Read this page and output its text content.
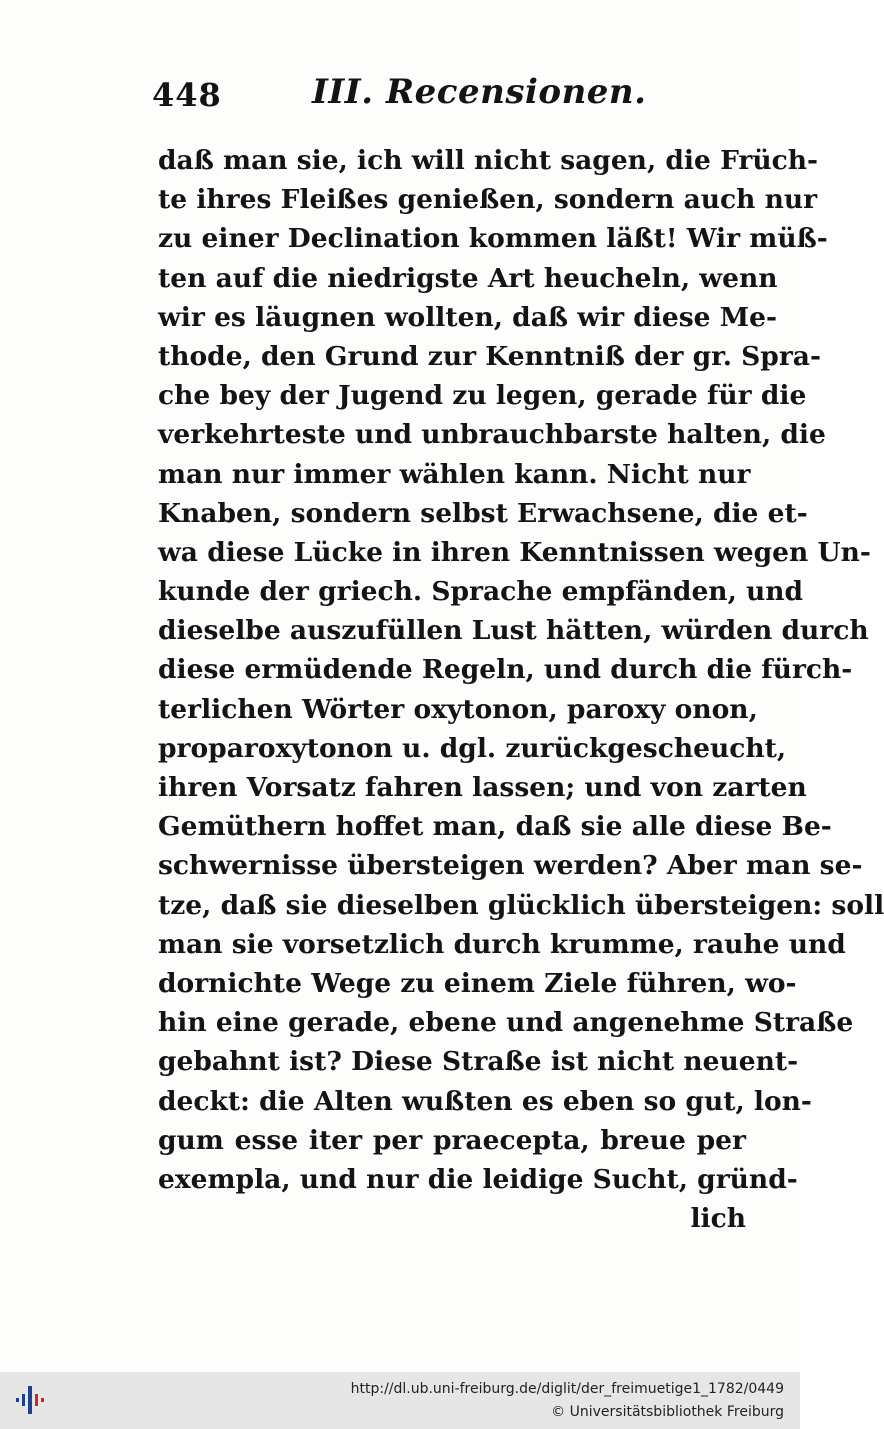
448	III. Recensionen.
daß man sie, ich will nicht sagen, die Früch-
te ihres Fleißes genießen, sondern auch nur
zu einer Declination kommen läßt! Wir müß-
ten auf die niedrigste Art heucheln, wenn
wir es läugnen wollten, daß wir diese Me-
thode, den Grund zur Kenntniß der gr. Spra-
che bey der Jugend zu legen, gerade für die
verkehrteste und unbrauchbarste halten, die
man nur immer wählen kann. Nicht nur
Knaben, sondern selbst Erwachsene, die et-
wa diese Lücke in ihren Kenntnissen wegen Un-
kunde der griech. Sprache empfänden, und
dieselbe auszufüllen Lust hätten, würden durch
diese ermüdende Regeln, und durch die fürch-
terlichen Wörter oxytonon, paroxy onon,
proparoxytonon u. dgl. zurückgescheucht,
ihren Vorsatz fahren lassen; und von zarten
Gemüthern hoffet man, daß sie alle diese Be-
schwernisse übersteigen werden? Aber man se-
tze, daß sie dieselben glücklich übersteigen: soll
man sie vorsetzlich durch krumme, rauhe und
dornichte Wege zu einem Ziele führen, wo-
hin eine gerade, ebene und angenehme Straße
gebahnt ist? Diese Straße ist nicht neuent-
deckt: die Alten wußten es eben so gut, lon-
gum esse iter per praecepta, breue per
exempla, und nur die leidige Sucht, gründ-
lich
http://dl.ub.uni-freiburg.de/diglit/der_freimuetige1_1782/0449
© Universitätsbibliothek Freiburg
